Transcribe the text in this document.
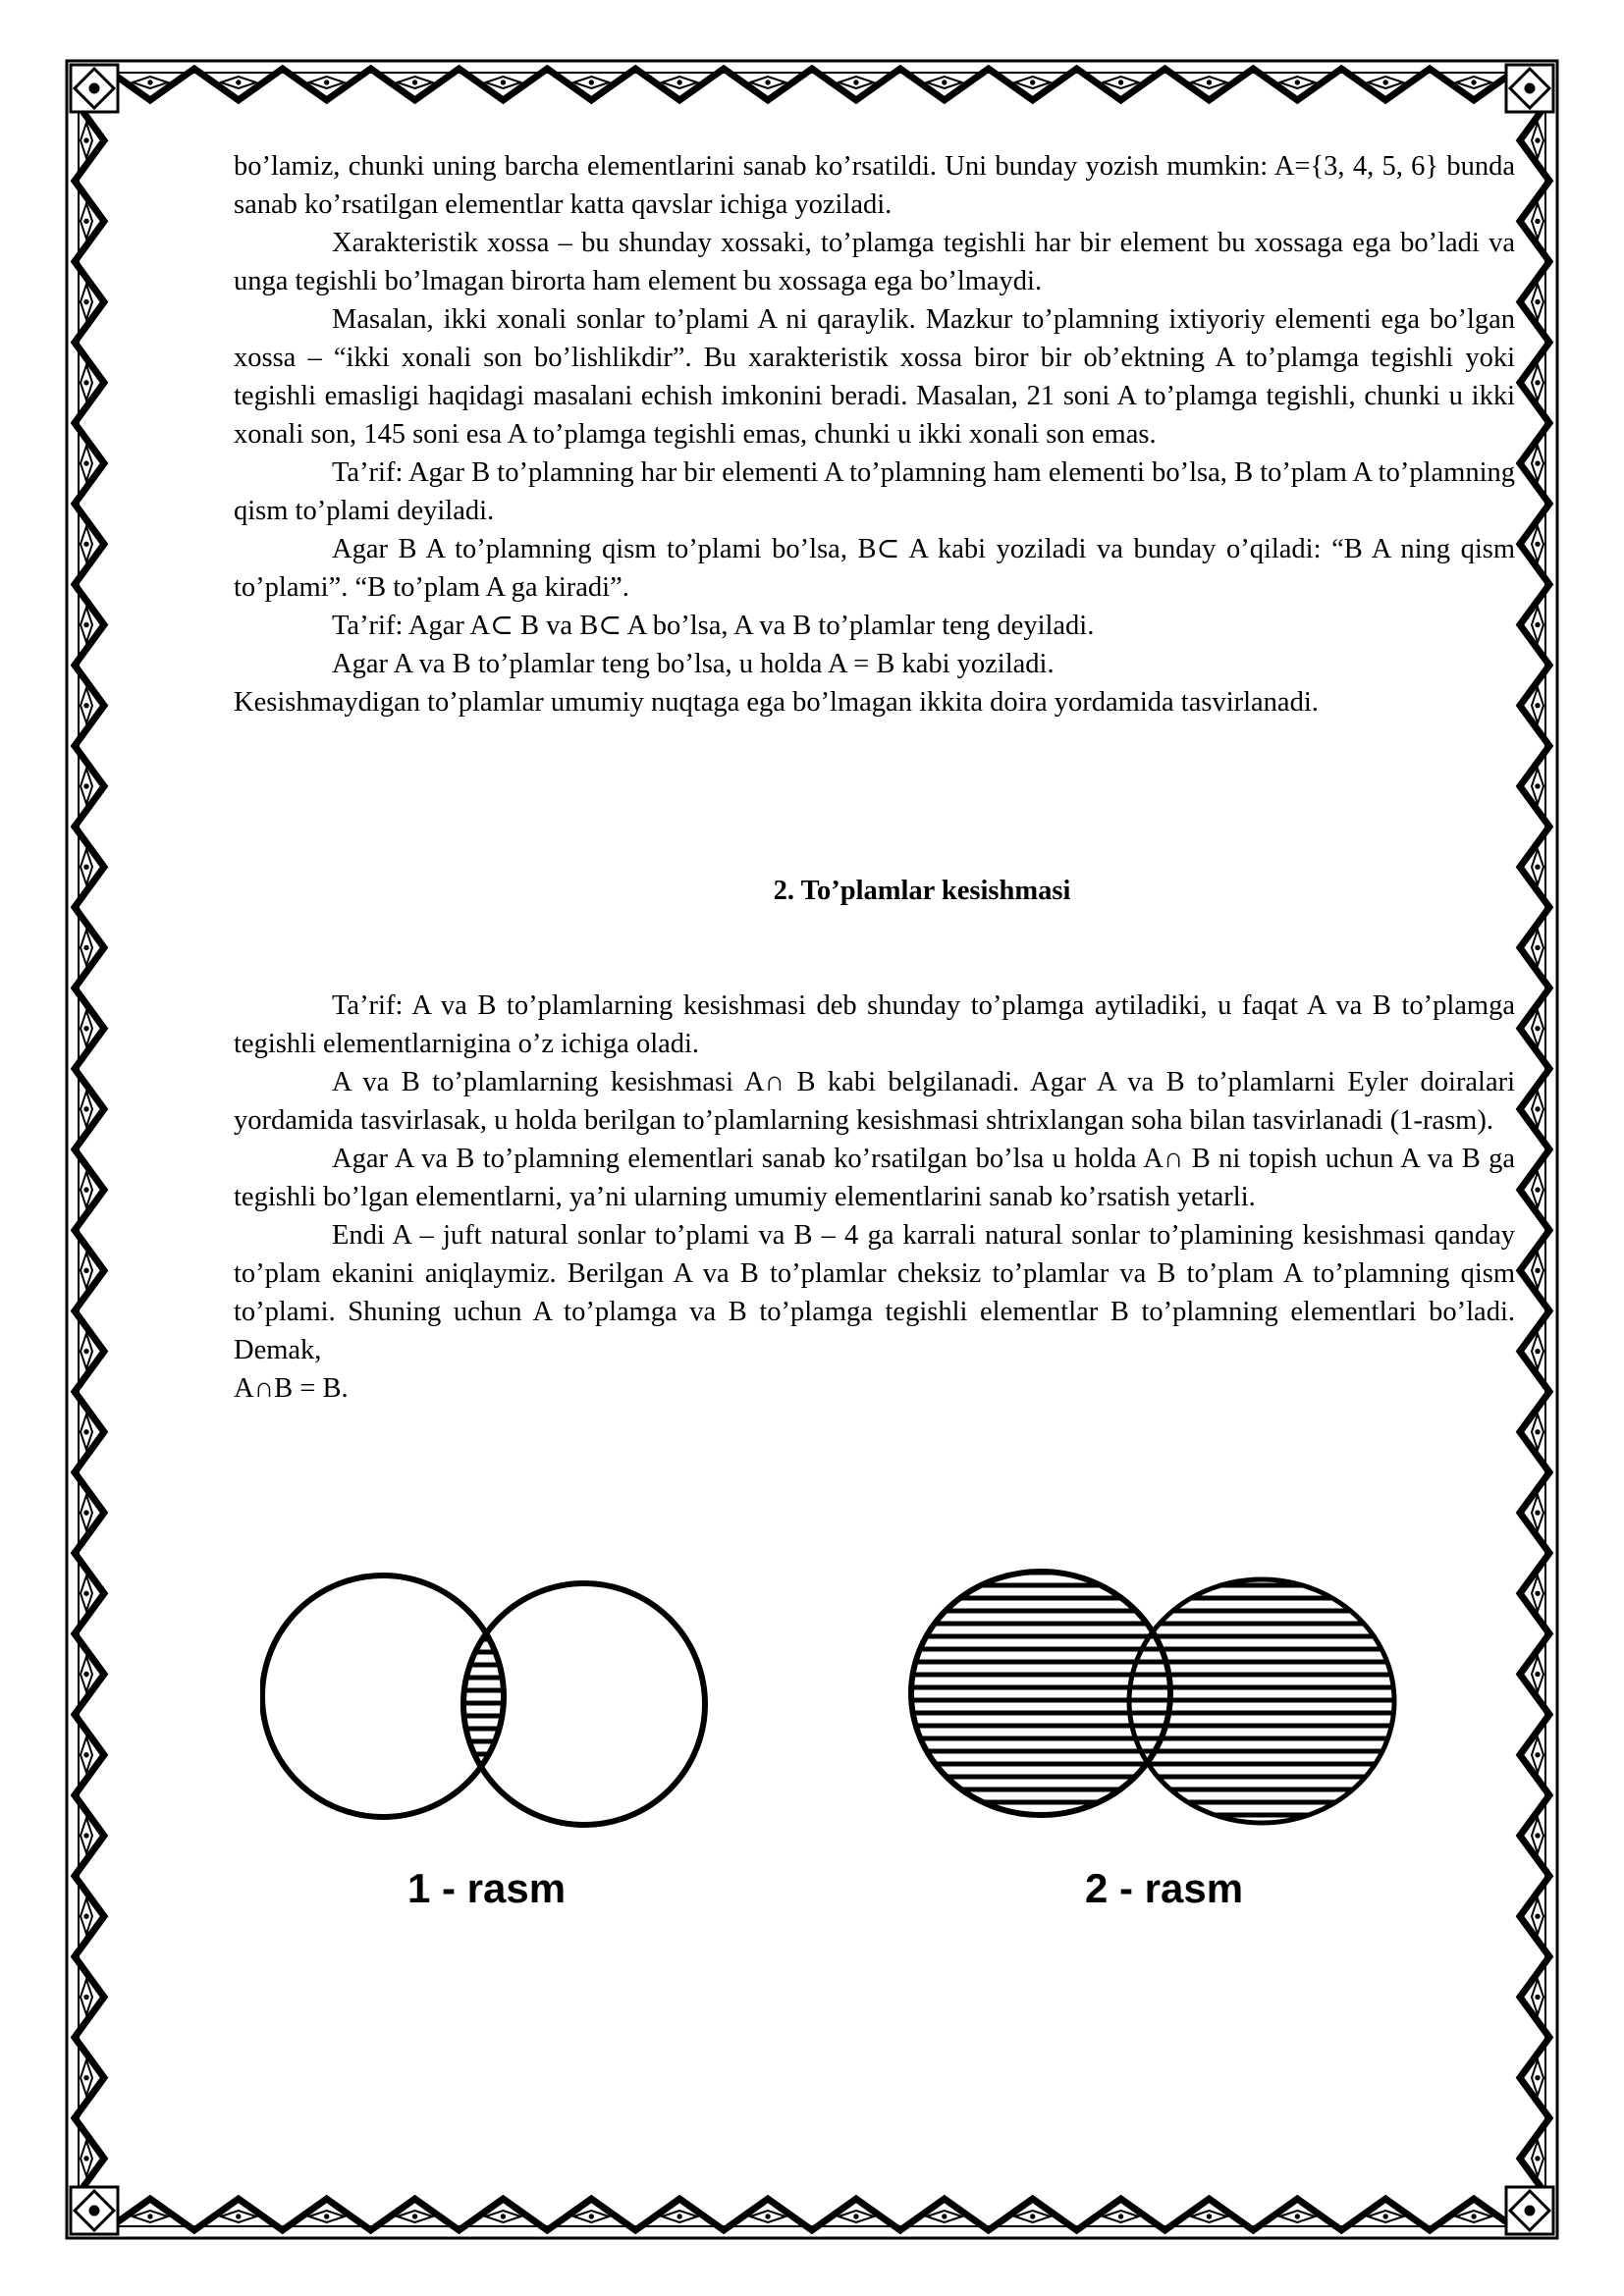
bo’lamiz, chunki uning barcha elementlarini sanab ko’rsatildi. Uni bunday yozish mumkin: A={3, 4, 5, 6} bunda sanab ko’rsatilgan elementlar katta qavslar ichiga yoziladi.

Xarakteristik xossa – bu shunday xossaki, to’plamga tegishli har bir element bu xossaga ega bo’ladi va unga tegishli bo’lmagan birorta ham element bu xossaga ega bo’lmaydi.

Masalan, ikki xonali sonlar to’plami A ni qaraylik. Mazkur to’plamning ixtiyoriy elementi ega bo’lgan xossa – “ikki xonali son bo’lishlikdir”. Bu xarakteristik xossa biror bir ob’ektning A to’plamga tegishli yoki tegishli emasligi haqidagi masalani echish imkonini beradi. Masalan, 21 soni A to’plamga tegishli, chunki u ikki xonali son, 145 soni esa A to’plamga tegishli emas, chunki u ikki xonali son emas.

Ta’rif: Agar B to’plamning har bir elementi A to’plamning ham elementi bo’lsa, B to’plam A to’plamning qism to’plami deyiladi.

Agar B A to’plamning qism to’plami bo’lsa, B⊂ A kabi yoziladi va bunday o’qiladi: “B A ning qism to’plami”. “B to’plam A ga kiradi”.

Ta’rif: Agar A⊂ B va B⊂ A bo’lsa, A va B to’plamlar teng deyiladi.

Agar A va B to’plamlar teng bo’lsa, u holda A = B kabi yoziladi.

Kesishmaydigan to’plamlar umumiy nuqtaga ega bo’lmagan ikkita doira yordamida tasvirlanadi.

2. To’plamlar kesishmasi

Ta’rif: A va B to’plamlarning kesishmasi deb shunday to’plamga aytiladiki, u faqat A va B to’plamga tegishli elementlarnigina o’z ichiga oladi.

A va B to’plamlarning kesishmasi A∩ B kabi belgilanadi. Agar A va B to’plamlarni Eyler doiralari yordamida tasvirlasak, u holda berilgan to’plamlarning kesishmasi shtrixlangan soha bilan tasvirlanadi (1-rasm).

Agar A va B to’plamning elementlari sanab ko’rsatilgan bo’lsa u holda A∩ B ni topish uchun A va B ga tegishli bo’lgan elementlarni, ya’ni ularning umumiy elementlarini sanab ko’rsatish yetarli.

Endi A – juft natural sonlar to’plami va B – 4 ga karrali natural sonlar to’plamining kesishmasi qanday to’plam ekanini aniqlaymiz. Berilgan A va B to’plamlar cheksiz to’plamlar va B to’plam A to’plamning qism to’plami. Shuning uchun A to’plamga va B to’plamga tegishli elementlar B to’plamning elementlari bo’ladi. Demak,

A∩B = B.

1 - rasm	2 - rasm
